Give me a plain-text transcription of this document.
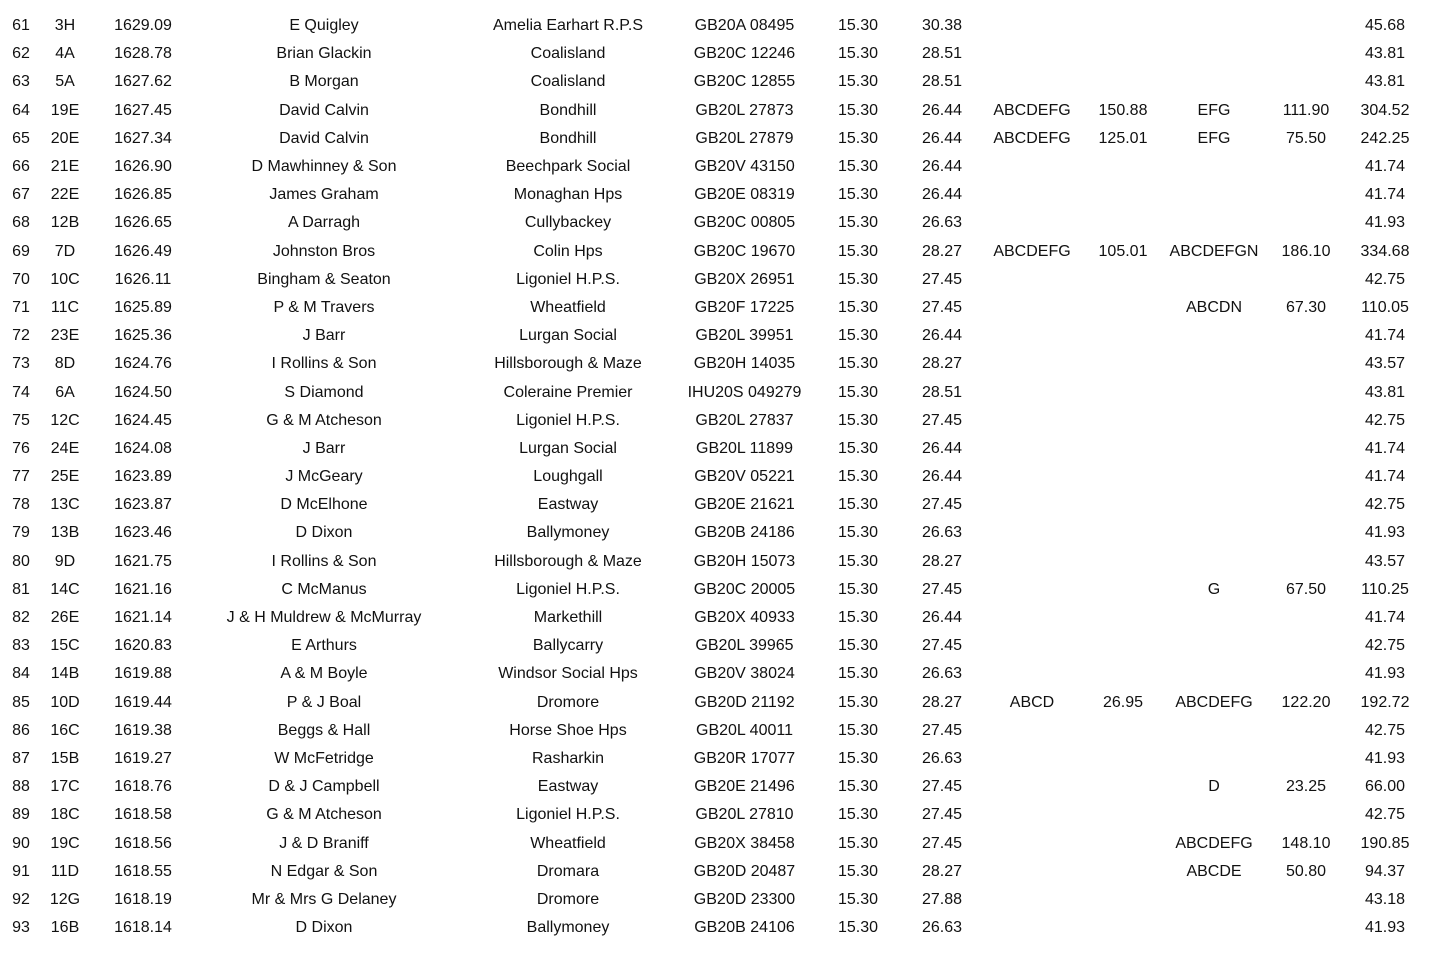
61	3H	1629.09	E Quigley	Amelia Earhart R.P.S	GB20A 08495	15.30	30.38					45.68
62	4A	1628.78	Brian Glackin	Coalisland	GB20C 12246	15.30	28.51					43.81
63	5A	1627.62	B Morgan	Coalisland	GB20C 12855	15.30	28.51					43.81
64	19E	1627.45	David Calvin	Bondhill	GB20L 27873	15.30	26.44	ABCDEFG	150.88	EFG	111.90	304.52
65	20E	1627.34	David Calvin	Bondhill	GB20L 27879	15.30	26.44	ABCDEFG	125.01	EFG	75.50	242.25
66	21E	1626.90	D Mawhinney & Son	Beechpark Social	GB20V 43150	15.30	26.44					41.74
67	22E	1626.85	James Graham	Monaghan Hps	GB20E 08319	15.30	26.44					41.74
68	12B	1626.65	A Darragh	Cullybackey	GB20C 00805	15.30	26.63					41.93
69	7D	1626.49	Johnston Bros	Colin Hps	GB20C 19670	15.30	28.27	ABCDEFG	105.01	ABCDEFGN	186.10	334.68
70	10C	1626.11	Bingham & Seaton	Ligoniel H.P.S.	GB20X 26951	15.30	27.45					42.75
71	11C	1625.89	P & M Travers	Wheatfield	GB20F 17225	15.30	27.45			ABCDN	67.30	110.05
72	23E	1625.36	J Barr	Lurgan Social	GB20L 39951	15.30	26.44					41.74
73	8D	1624.76	I Rollins & Son	Hillsborough & Maze	GB20H 14035	15.30	28.27					43.57
74	6A	1624.50	S Diamond	Coleraine Premier	IHU20S 049279	15.30	28.51					43.81
75	12C	1624.45	G & M Atcheson	Ligoniel H.P.S.	GB20L 27837	15.30	27.45					42.75
76	24E	1624.08	J Barr	Lurgan Social	GB20L 11899	15.30	26.44					41.74
77	25E	1623.89	J McGeary	Loughgall	GB20V 05221	15.30	26.44					41.74
78	13C	1623.87	D McElhone	Eastway	GB20E 21621	15.30	27.45					42.75
79	13B	1623.46	D Dixon	Ballymoney	GB20B 24186	15.30	26.63					41.93
80	9D	1621.75	I Rollins & Son	Hillsborough & Maze	GB20H 15073	15.30	28.27					43.57
81	14C	1621.16	C McManus	Ligoniel H.P.S.	GB20C 20005	15.30	27.45			G	67.50	110.25
82	26E	1621.14	J & H Muldrew & McMurray	Markethill	GB20X 40933	15.30	26.44					41.74
83	15C	1620.83	E Arthurs	Ballycarry	GB20L 39965	15.30	27.45					42.75
84	14B	1619.88	A & M Boyle	Windsor Social Hps	GB20V 38024	15.30	26.63					41.93
85	10D	1619.44	P & J Boal	Dromore	GB20D 21192	15.30	28.27	ABCD	26.95	ABCDEFG	122.20	192.72
86	16C	1619.38	Beggs & Hall	Horse Shoe Hps	GB20L 40011	15.30	27.45					42.75
87	15B	1619.27	W McFetridge	Rasharkin	GB20R 17077	15.30	26.63					41.93
88	17C	1618.76	D & J Campbell	Eastway	GB20E 21496	15.30	27.45			D	23.25	66.00
89	18C	1618.58	G & M Atcheson	Ligoniel H.P.S.	GB20L 27810	15.30	27.45					42.75
90	19C	1618.56	J & D Braniff	Wheatfield	GB20X 38458	15.30	27.45			ABCDEFG	148.10	190.85
91	11D	1618.55	N Edgar & Son	Dromara	GB20D 20487	15.30	28.27			ABCDE	50.80	94.37
92	12G	1618.19	Mr & Mrs G Delaney	Dromore	GB20D 23300	15.30	27.88					43.18
93	16B	1618.14	D Dixon	Ballymoney	GB20B 24106	15.30	26.63					41.93
